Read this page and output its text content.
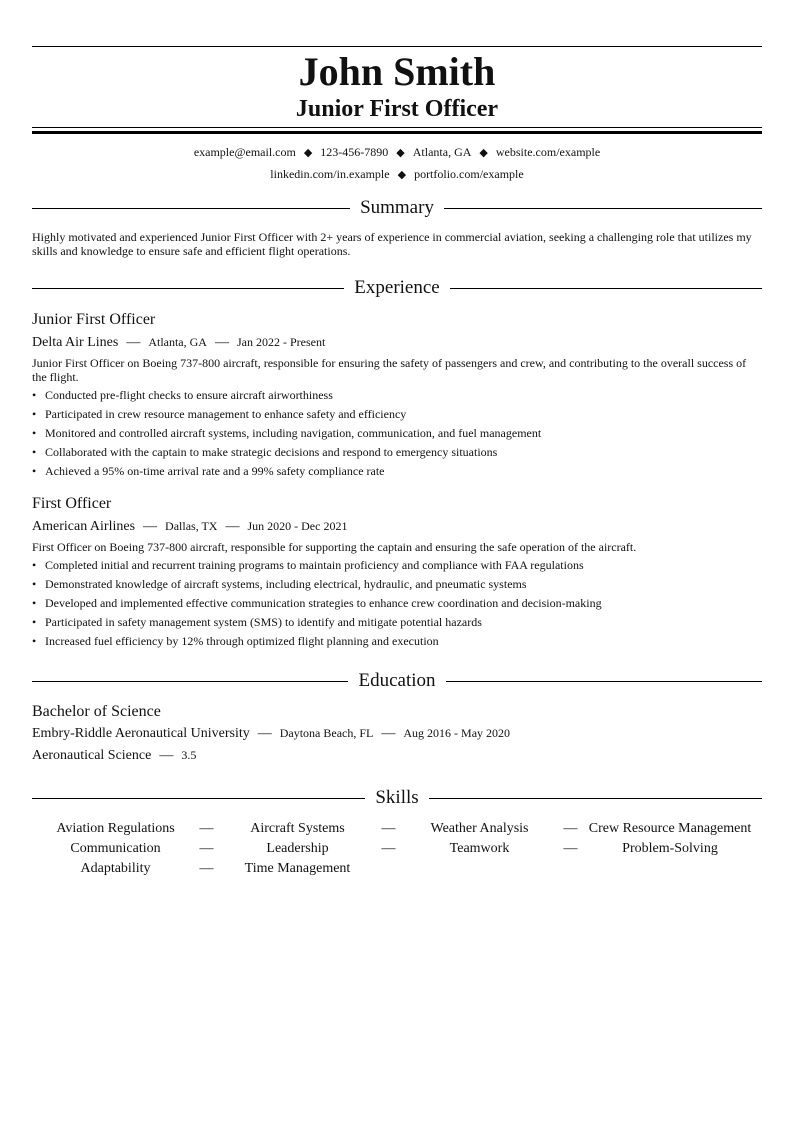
John Smith
Junior First Officer
example@email.com ◆ 123-456-7890 ◆ Atlanta, GA ◆ website.com/example
linkedin.com/in.example ◆ portfolio.com/example
Summary
Highly motivated and experienced Junior First Officer with 2+ years of experience in commercial aviation, seeking a challenging role that utilizes my skills and knowledge to ensure safe and efficient flight operations.
Experience
Junior First Officer
Delta Air Lines — Atlanta, GA — Jan 2022 - Present
Junior First Officer on Boeing 737-800 aircraft, responsible for ensuring the safety of passengers and crew, and contributing to the overall success of the flight.
• Conducted pre-flight checks to ensure aircraft airworthiness
• Participated in crew resource management to enhance safety and efficiency
• Monitored and controlled aircraft systems, including navigation, communication, and fuel management
• Collaborated with the captain to make strategic decisions and respond to emergency situations
• Achieved a 95% on-time arrival rate and a 99% safety compliance rate
First Officer
American Airlines — Dallas, TX — Jun 2020 - Dec 2021
First Officer on Boeing 737-800 aircraft, responsible for supporting the captain and ensuring the safe operation of the aircraft.
• Completed initial and recurrent training programs to maintain proficiency and compliance with FAA regulations
• Demonstrated knowledge of aircraft systems, including electrical, hydraulic, and pneumatic systems
• Developed and implemented effective communication strategies to enhance crew coordination and decision-making
• Participated in safety management system (SMS) to identify and mitigate potential hazards
• Increased fuel efficiency by 12% through optimized flight planning and execution
Education
Bachelor of Science
Embry-Riddle Aeronautical University — Daytona Beach, FL — Aug 2016 - May 2020
Aeronautical Science — 3.5
Skills
Aviation Regulations	—	Aircraft Systems	—	Weather Analysis	— Crew Resource Management
Communication	—	Leadership	—	Teamwork	—	Problem-Solving
Adaptability	—	Time Management
